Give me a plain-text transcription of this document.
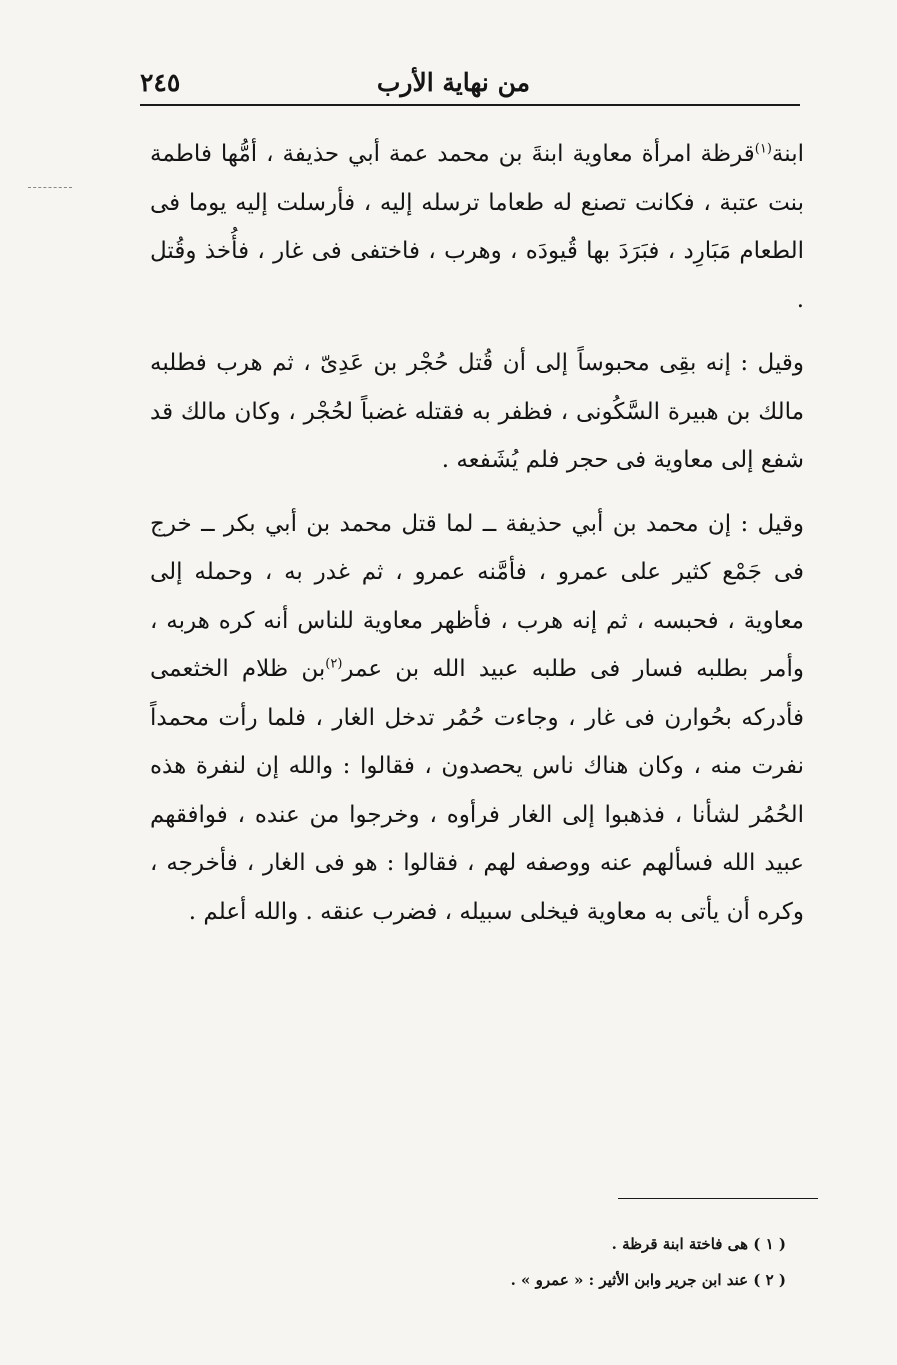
من نهاية الأرب
٢٤٥

ابنة$^{(١)}$قرظة امرأة معاوية ابنةَ بن محمد عمة أبي حذيفة ، أمُّها فاطمة بنت عتبة ، فكانت تصنع له طعاما ترسله إليه ، فأرسلت إليه يوما فى الطعام مَبَارِد ، فبَرَدَ بها قُيودَه ، وهرب ، فاختفى فى غار ، فأُخذ وقُتل .

وقيل : إنه بقِى محبوساً إلى أن قُتل حُجْر بن عَدِىّ ، ثم هرب فطلبه مالك بن هبيرة السَّكُونى ، فظفر به فقتله غضباً لحُجْر ، وكان مالك قد شفع إلى معاوية فى حجر فلم يُشَفعه .

وقيل : إن محمد بن أبي حذيفة ــ لما قتل محمد بن أبي بكر ــ خرج فى جَمْع كثير على عمرو ، فأمَّنه عمرو ، ثم غدر به ، وحمله إلى معاوية ، فحبسه ، ثم إنه هرب ، فأظهر معاوية للناس أنه كره هربه ، وأمر بطلبه فسار فى طلبه عبيد الله بن عمر$^{(٢)}$بن ظلام الخثعمى فأدركه بحُوارن فى غار ، وجاءت حُمُر تدخل الغار ، فلما رأت محمداً نفرت منه ، وكان هناك ناس يحصدون ، فقالوا : والله إن لنفرة هذه الحُمُر لشأنا ، فذهبوا إلى الغار فرأوه ، وخرجوا من عنده ، فوافقهم عبيد الله فسألهم عنه ووصفه لهم ، فقالوا : هو فى الغار ، فأخرجه ، وكره أن يأتى به معاوية فيخلى سبيله ، فضرب عنقه . والله أعلم .

( ١ ) هى فاختة ابنة قرظة .

( ٢ ) عند ابن جرير وابن الأثير : « عمرو » .
